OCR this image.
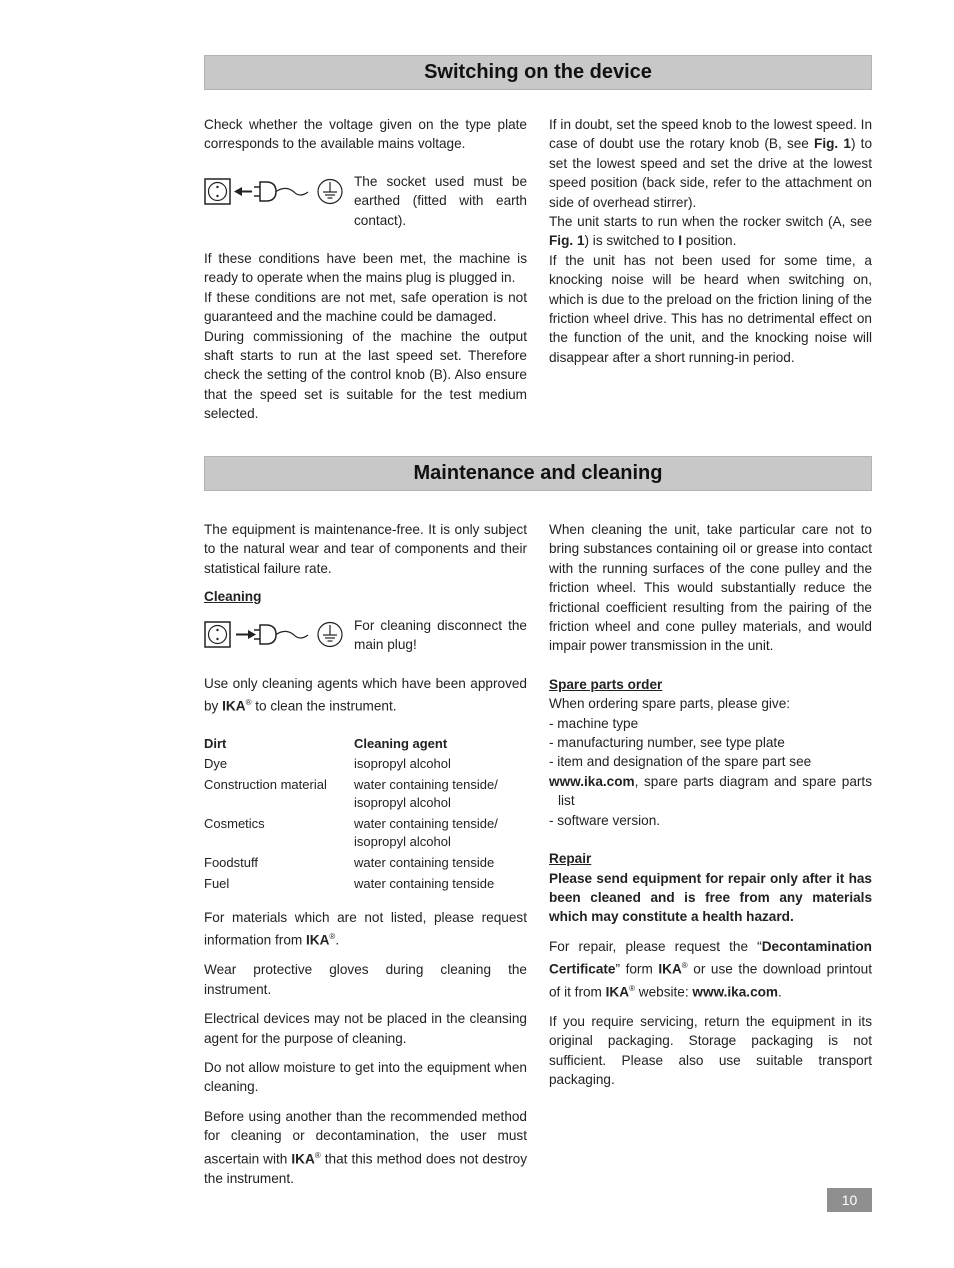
Switching on the device

Check whether the voltage given on the type plate corresponds to the available mains voltage.

The socket used must be earthed (fitted with earth contact).

If these conditions have been met, the machine is ready to operate when the mains plug is plugged in.

If these conditions are not met, safe operation is not guaranteed and the machine could be damaged.

During commissioning of the machine the output shaft starts to run at the last speed set. Therefore check the setting of the control knob (B). Also ensure that the speed set is suitable for the test medium selected.

If in doubt, set the speed knob to the lowest speed. In case of doubt use the rotary knob (B, see Fig. 1) to set the lowest speed and set the drive at the lowest speed position (back side, refer to the attachment on side of overhead stirrer).

The unit starts to run when the rocker switch (A, see Fig. 1) is switched to I position.

If the unit has not been used for some time, a knocking noise will be heard when switching on, which is due to the preload on the friction lining of the friction wheel drive. This has no detrimental effect on the function of the unit, and the knocking noise will disappear after a short running-in period.

Maintenance and cleaning

The equipment is maintenance-free. It is only subject to the natural wear and tear of components and their statistical failure rate.

Cleaning

For cleaning disconnect the main plug!

Use only cleaning agents which have been approved by IKA® to clean the instrument.

Dirt	Cleaning agent
Dye	isopropyl alcohol
Construction material	water containing tenside/ isopropyl alcohol
Cosmetics	water containing tenside/ isopropyl alcohol
Foodstuff	water containing tenside
Fuel	water containing tenside

For materials which are not listed, please request information from IKA®.

Wear protective gloves during cleaning the instrument.

Electrical devices may not be placed in the cleansing agent for the purpose of cleaning.

Do not allow moisture to get into the equipment when cleaning.

Before using another than the recommended method for cleaning or decontamination, the user must ascertain with IKA® that this method does not destroy the instrument.

When cleaning the unit, take particular care not to bring substances containing oil or grease into contact with the running surfaces of the cone pulley and the friction wheel. This would substantially reduce the frictional coefficient resulting from the pairing of the friction wheel and cone pulley materials, and would impair power transmission in the unit.

Spare parts order

When ordering spare parts, please give:

- machine type
- manufacturing number, see type plate
- item and designation of the spare part see
www.ika.com, spare parts diagram and spare parts list
- software version.

Repair

Please send equipment for repair only after it has been cleaned and is free from any materials which may constitute a health hazard.

For repair, please request the “Decontamination Certificate” form IKA® or use the download printout of it from IKA® website: www.ika.com.

If you require servicing, return the equipment in its original packaging. Storage packaging is not sufficient. Please also use suitable transport packaging.

10
